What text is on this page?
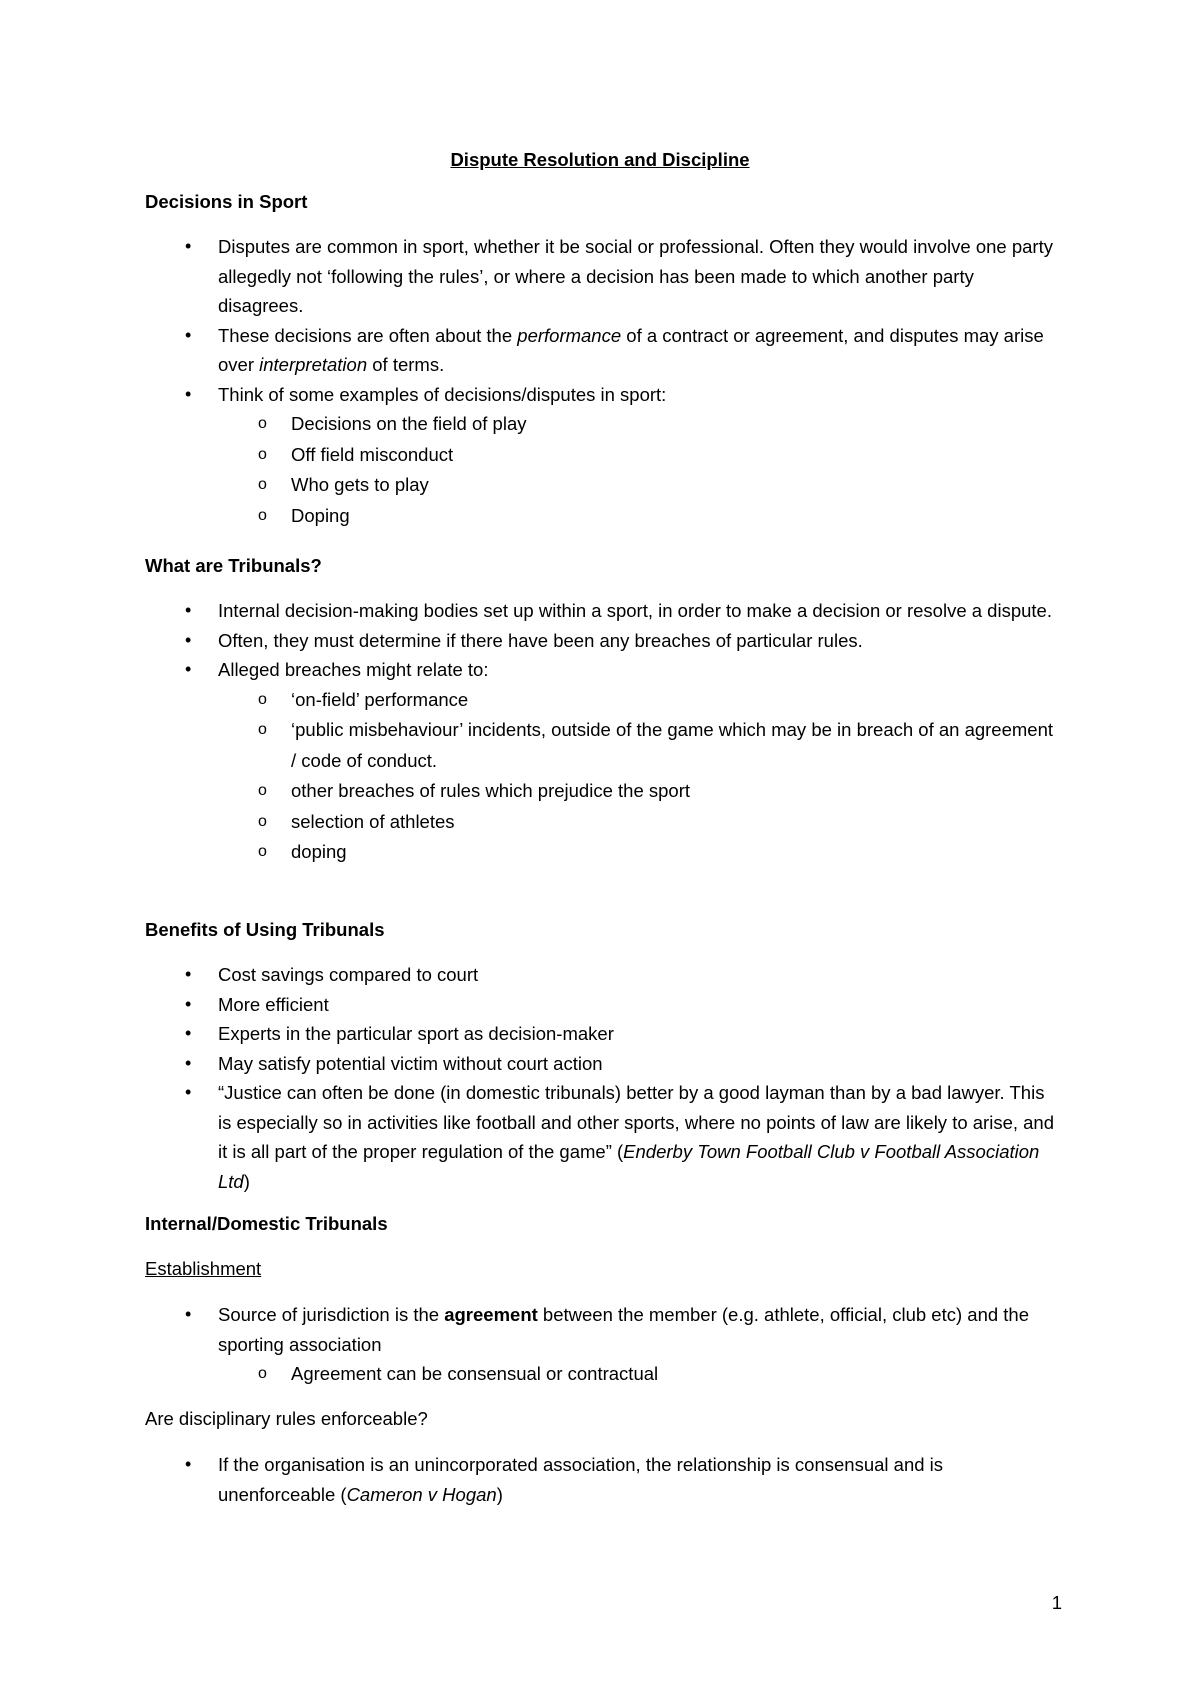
Dispute Resolution and Discipline
Decisions in Sport
• Disputes are common in sport, whether it be social or professional. Often they would involve one party allegedly not ‘following the rules’, or where a decision has been made to which another party disagrees.
• These decisions are often about the performance of a contract or agreement, and disputes may arise over interpretation of terms.
• Think of some examples of decisions/disputes in sport:
o Decisions on the field of play
o Off field misconduct
o Who gets to play
o Doping
What are Tribunals?
• Internal decision-making bodies set up within a sport, in order to make a decision or resolve a dispute.
• Often, they must determine if there have been any breaches of particular rules.
• Alleged breaches might relate to:
o ‘on-field’ performance
o ‘public misbehaviour’ incidents, outside of the game which may be in breach of an agreement / code of conduct.
o other breaches of rules which prejudice the sport
o selection of athletes
o doping
Benefits of Using Tribunals
• Cost savings compared to court
• More efficient
• Experts in the particular sport as decision-maker
• May satisfy potential victim without court action
• “Justice can often be done (in domestic tribunals) better by a good layman than by a bad lawyer. This is especially so in activities like football and other sports, where no points of law are likely to arise, and it is all part of the proper regulation of the game” (Enderby Town Football Club v Football Association Ltd)
Internal/Domestic Tribunals
Establishment
• Source of jurisdiction is the agreement between the member (e.g. athlete, official, club etc) and the sporting association
o Agreement can be consensual or contractual
Are disciplinary rules enforceable?
• If the organisation is an unincorporated association, the relationship is consensual and is unenforceable (Cameron v Hogan)
1
